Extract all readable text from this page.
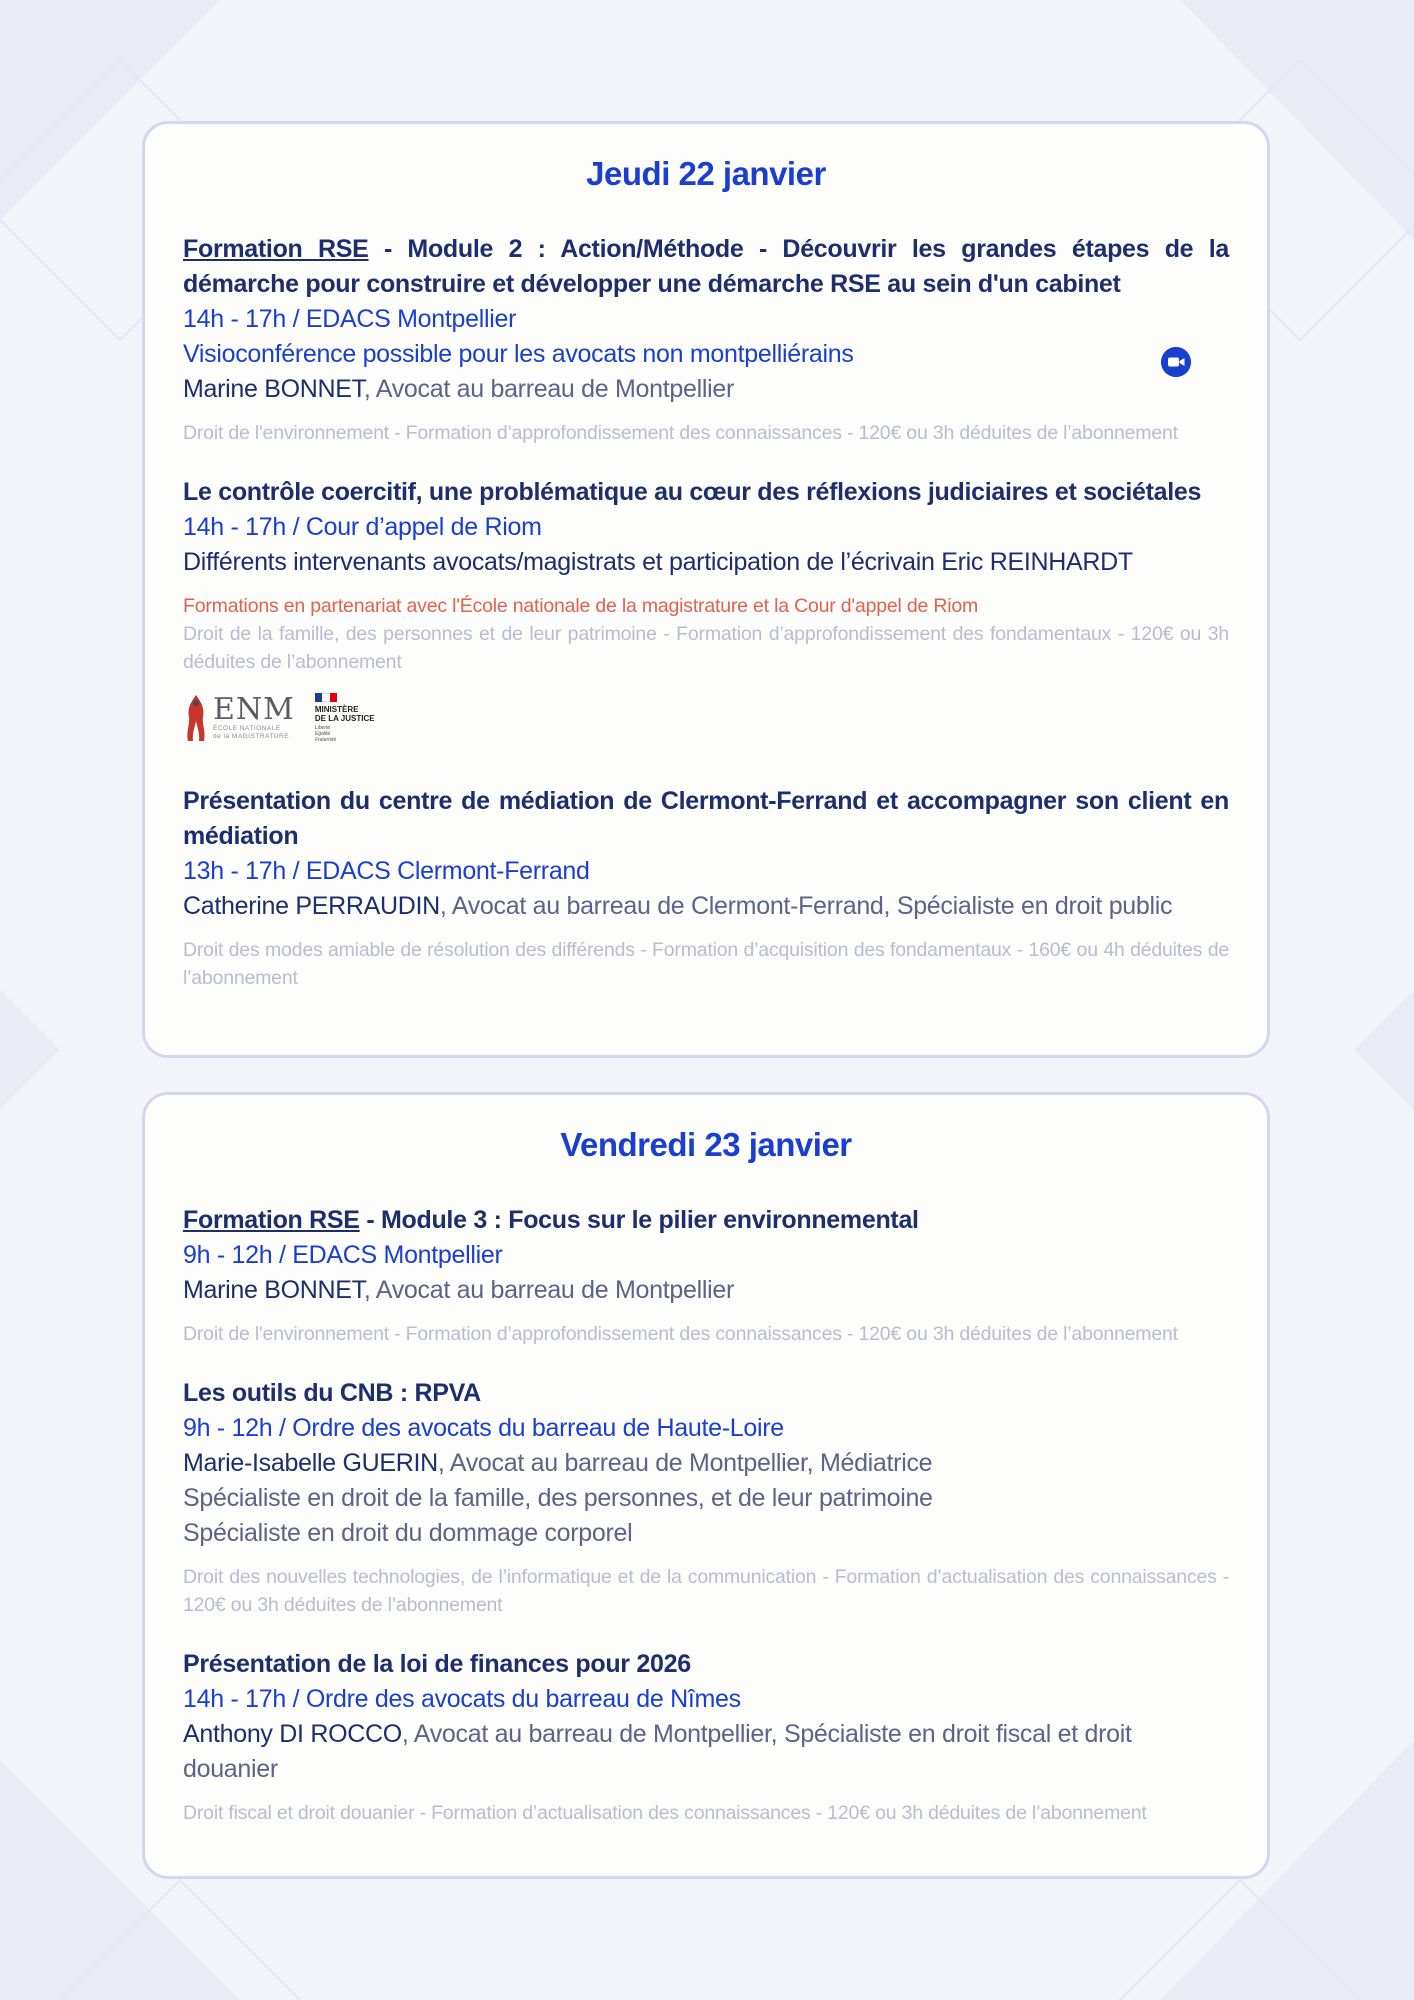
Jeudi 22 janvier

Formation RSE - Module 2 : Action/Méthode - Découvrir les grandes étapes de la démarche pour construire et développer une démarche RSE au sein d'un cabinet

14h - 17h / EDACS Montpellier
Visioconférence possible pour les avocats non montpelliérains
Marine BONNET, Avocat au barreau de Montpellier
Droit de l'environnement - Formation d’approfondissement des connaissances - 120€ ou 3h déduites de l’abonnement

Le contrôle coercitif, une problématique au cœur des réflexions judiciaires et sociétales

14h - 17h / Cour d’appel de Riom
Différents intervenants avocats/magistrats et participation de l’écrivain Eric REINHARDT
Formations en partenariat avec l'École nationale de la magistrature et la Cour d'appel de Riom
Droit de la famille, des personnes et de leur patrimoine - Formation d’approfondissement des fondamentaux - 120€ ou 3h déduites de l’abonnement
ENM
ÉCOLE NATIONALE
de la MAGISTRATURE
MINISTÈRE
DE LA JUSTICE
Liberté
Égalité
Fraternité

Présentation du centre de médiation de Clermont-Ferrand et accompagner son client en médiation

13h - 17h / EDACS Clermont-Ferrand
Catherine PERRAUDIN, Avocat au barreau de Clermont-Ferrand, Spécialiste en droit public
Droit des modes amiable de résolution des différends - Formation d’acquisition des fondamentaux - 160€ ou 4h déduites de l’abonnement
Vendredi 23 janvier

Formation RSE - Module 3 : Focus sur le pilier environnemental

9h - 12h / EDACS Montpellier
Marine BONNET, Avocat au barreau de Montpellier
Droit de l'environnement - Formation d’approfondissement des connaissances - 120€ ou 3h déduites de l’abonnement

Les outils du CNB : RPVA

9h - 12h / Ordre des avocats du barreau de Haute-Loire
Marie-Isabelle GUERIN, Avocat au barreau de Montpellier, Médiatrice
Spécialiste en droit de la famille, des personnes, et de leur patrimoine
Spécialiste en droit du dommage corporel
Droit des nouvelles technologies, de l’informatique et de la communication - Formation d’actualisation des connaissances - 120€ ou 3h déduites de l’abonnement

Présentation de la loi de finances pour 2026

14h - 17h / Ordre des avocats du barreau de Nîmes
Anthony DI ROCCO, Avocat au barreau de Montpellier, Spécialiste en droit fiscal et droit douanier
Droit fiscal et droit douanier - Formation d’actualisation des connaissances - 120€ ou 3h déduites de l’abonnement
